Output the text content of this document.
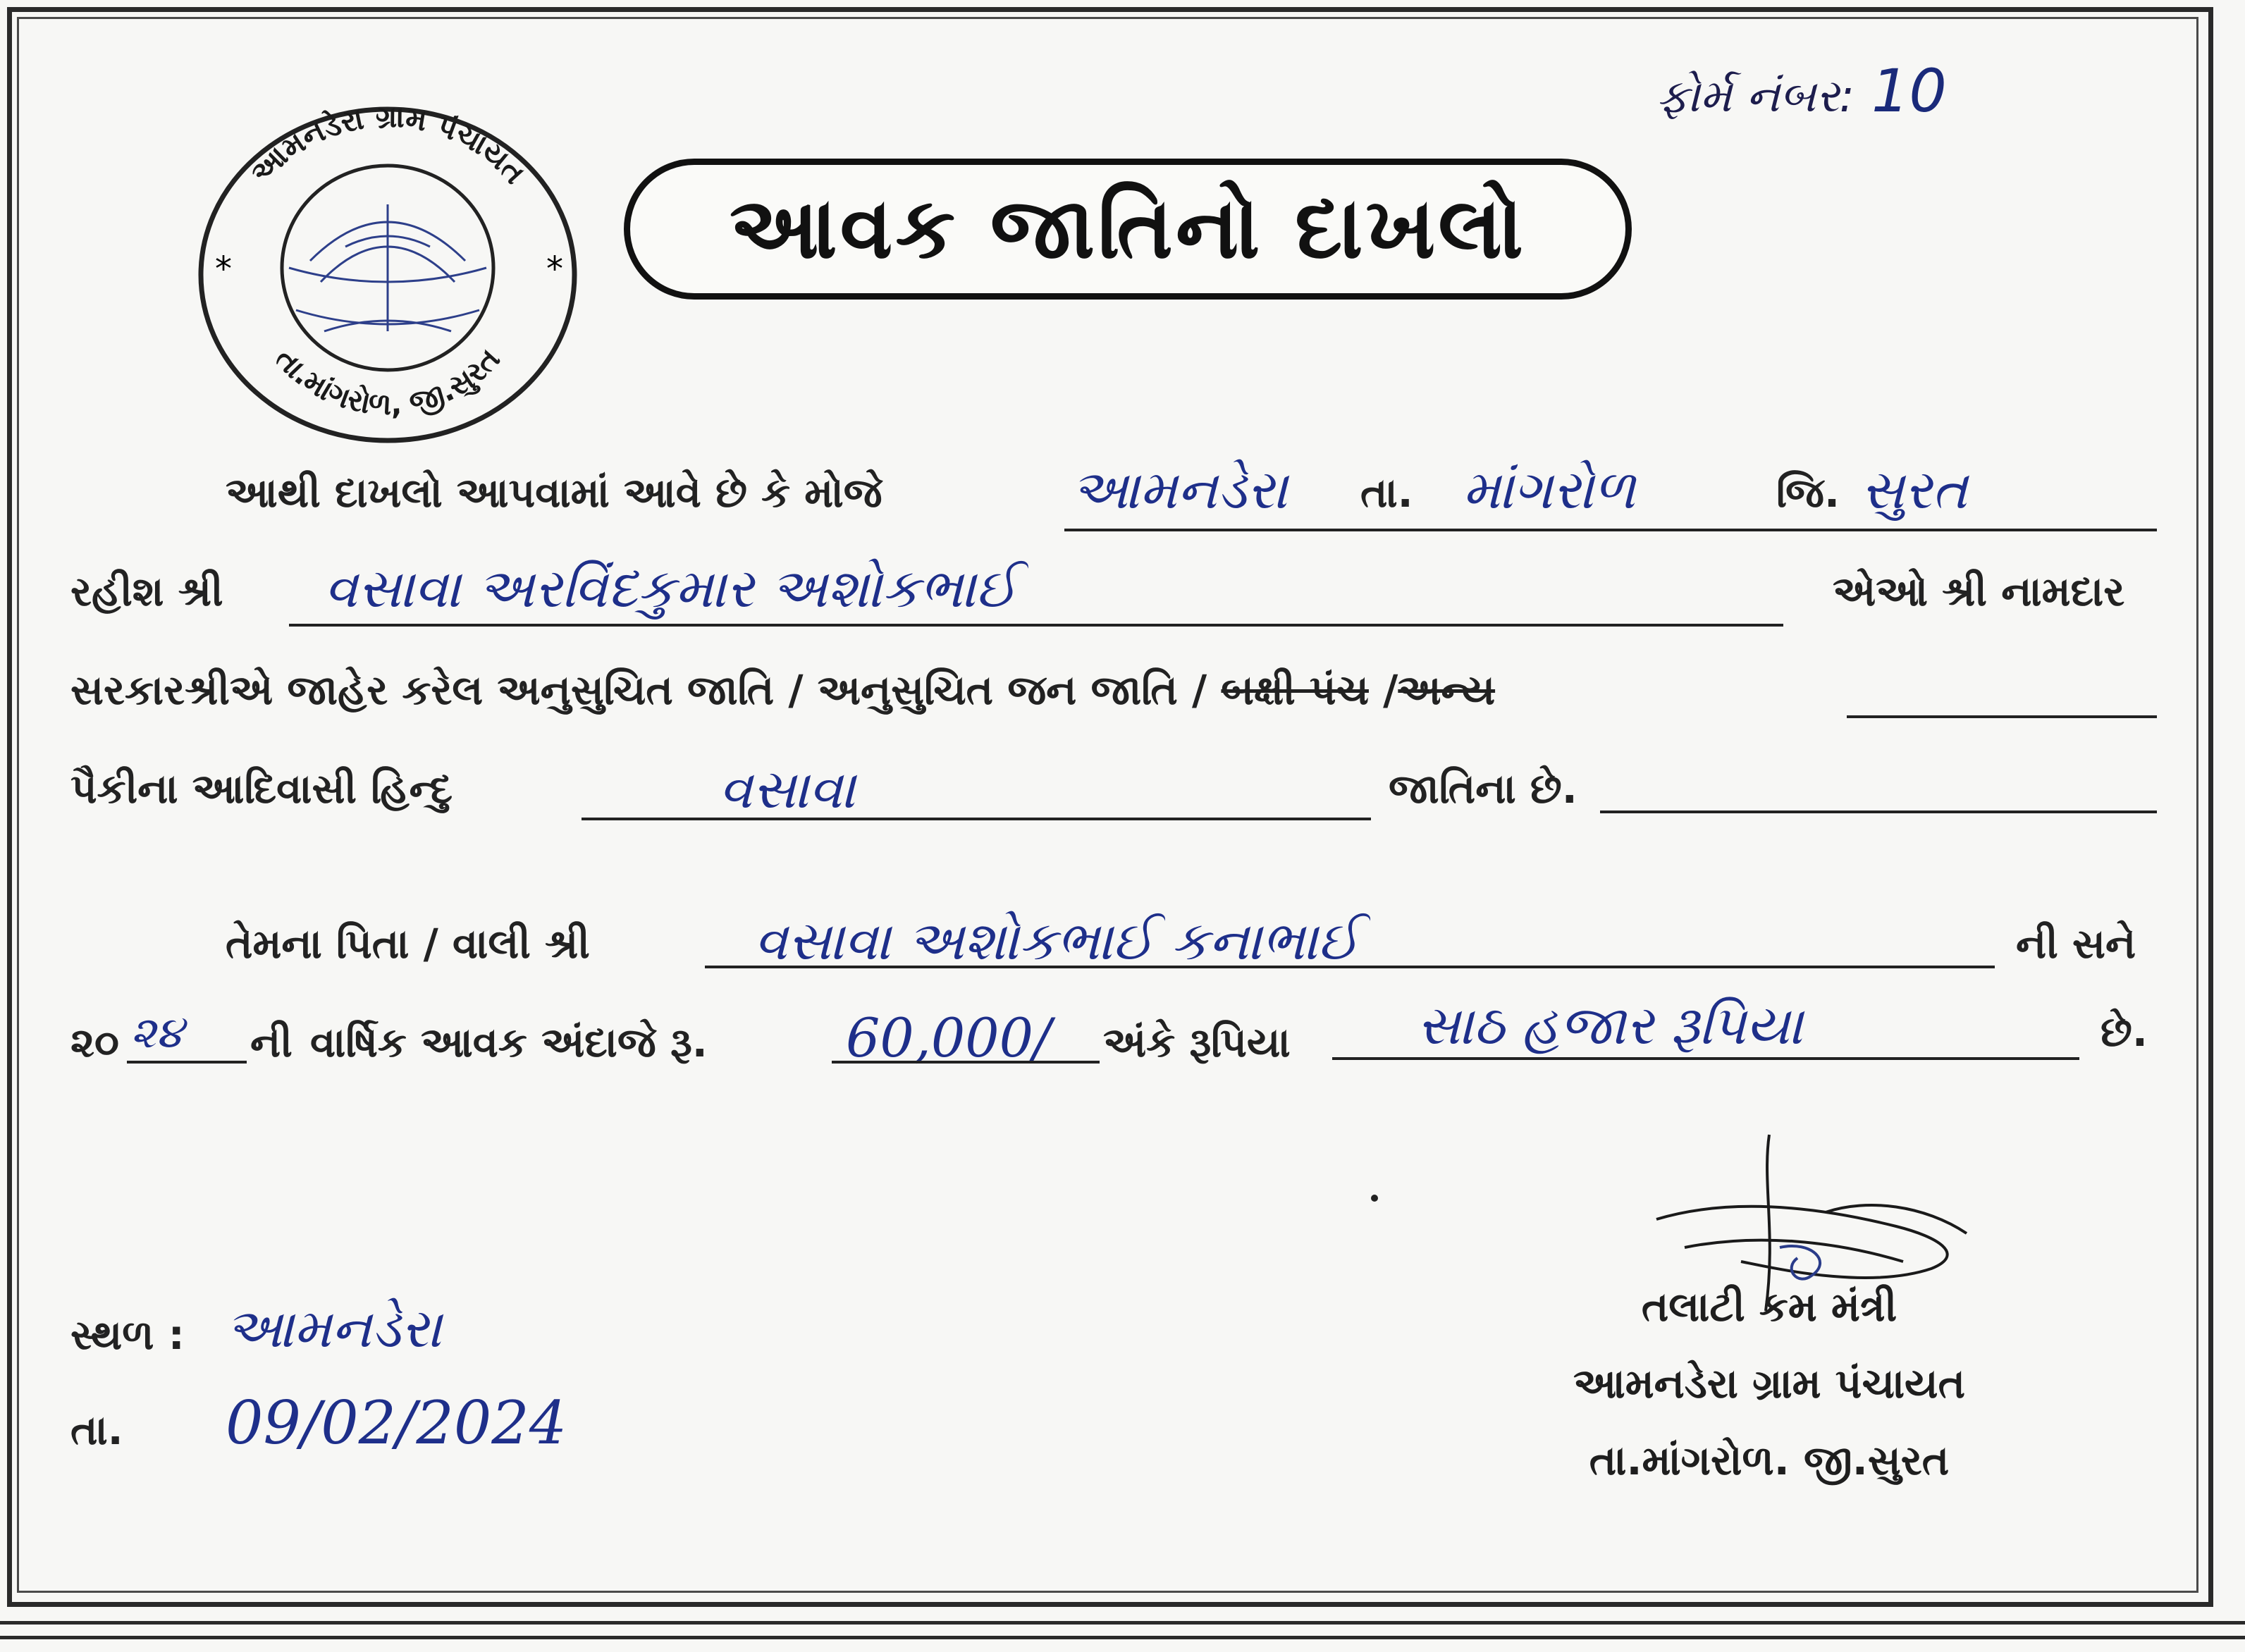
આમનડેરા ગ્રામ પંચાયત
તા.માંગરોળ, જી.સુરત
*	*
ફોર્મ નંબર: 10
આવક જાતિનો દાખલો
આથી દાખલો આપવામાં આવે છે કે મોજે	આમનડેરા તા. માંગરોળ	જિ. સુરત
રહીશ શ્રી વસાવા અરવિંદકુમાર અશોકભાઈ	એઓ શ્રી નામદાર
સરકારશ્રીએ જાહેર કરેલ અનુસુચિત જાતિ / અનુસુચિત જન જાતિ / બક્ષી પંચ /અન્ય
પૈકીના આદિવાસી હિન્દુ	વસાવા	જાતિના છે.
તેમના પિતા / વાલી શ્રી	વસાવા અશોકભાઈ કનાભાઈ	ની સને
૨૦ ૨૪ ની વાર્ષિક આવક અંદાજે રૂ.	60,000/ અંકે રૂપિયા સાઠ હજાર રૂપિયા	છે.
સ્થળ : આમનડેરા
તા. 09/02/2024
તલાટી કમ મંત્રી
આમનડેરા ગ્રામ પંચાયત
તા.માંગરોળ. જી.સુરત
